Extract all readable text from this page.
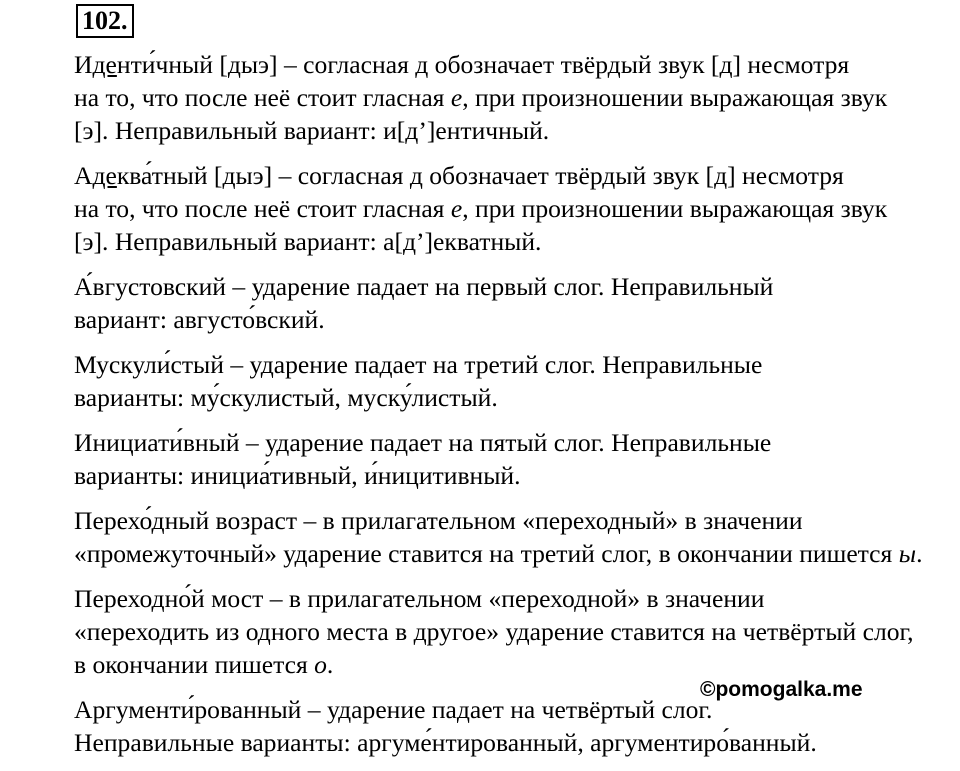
102.

Иденти́чный [дыэ] – согласная д обозначает твёрдый звук [д] несмотря
на то, что после неё стоит гласная е, при произношении выражающая звук
[э]. Неправильный вариант: и[д’]ентичный.

Адеква́тный [дыэ] – согласная д обозначает твёрдый звук [д] несмотря
на то, что после неё стоит гласная е, при произношении выражающая звук
[э]. Неправильный вариант: а[д’]екватный.

А́вгустовский – ударение падает на первый слог. Неправильный
вариант: августо́вский.

Мускули́стый – ударение падает на третий слог. Неправильные
варианты: му́скулистый, муску́листый.

Инициати́вный – ударение падает на пятый слог. Неправильные
варианты: инициа́тивный, и́ницитивный.

Перехо́дный возраст – в прилагательном «переходный» в значении
«промежуточный» ударение ставится на третий слог, в окончании пишется ы.

Переходно́й мост – в прилагательном «переходной» в значении
«переходить из одного места в другое» ударение ставится на четвёртый слог,
в окончании пишется о.

Аргументи́рованный – ударение падает на четвёртый слог.
Неправильные варианты: аргуме́нтированный, аргументиро́ванный.

©pomogalka.me
